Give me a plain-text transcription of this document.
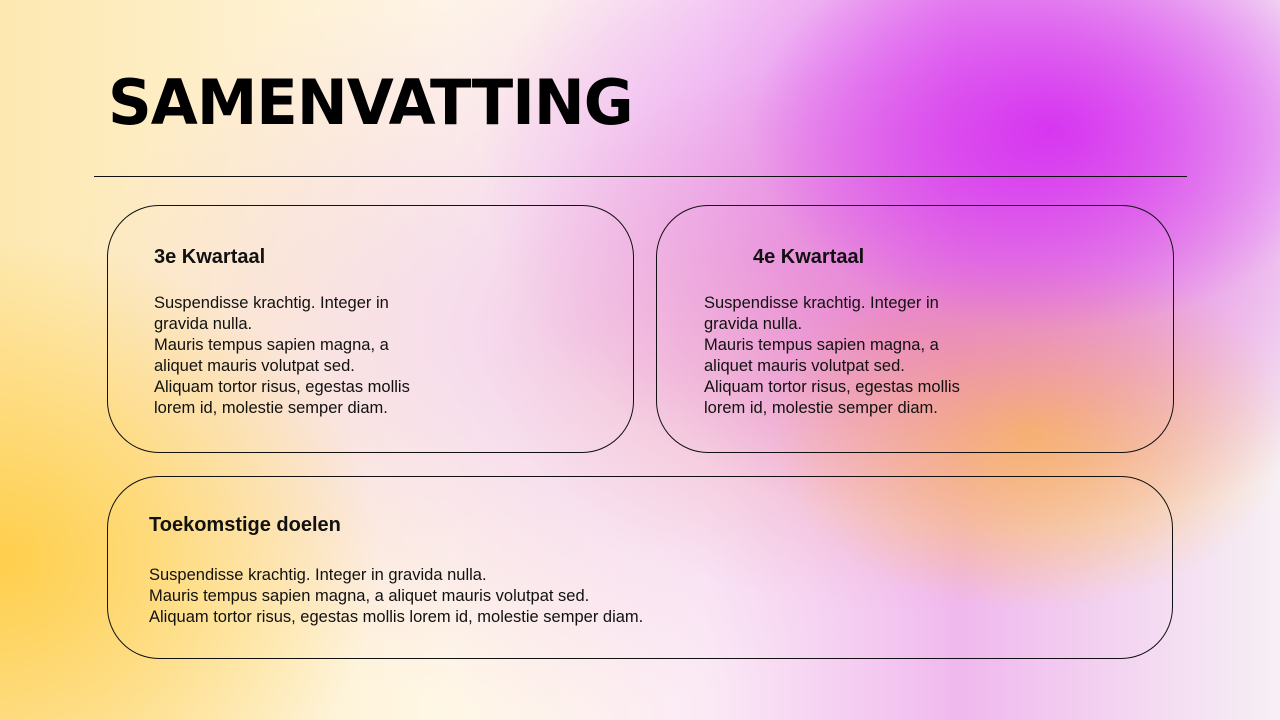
SAMENVATTING
3e Kwartaal

Suspendisse krachtig. Integer in
gravida nulla.
Mauris tempus sapien magna, a
aliquet mauris volutpat sed.
Aliquam tortor risus, egestas mollis
lorem id, molestie semper diam.

4e Kwartaal

Suspendisse krachtig. Integer in
gravida nulla.
Mauris tempus sapien magna, a
aliquet mauris volutpat sed.
Aliquam tortor risus, egestas mollis
lorem id, molestie semper diam.

Toekomstige doelen

Suspendisse krachtig. Integer in gravida nulla.
Mauris tempus sapien magna, a aliquet mauris volutpat sed.
Aliquam tortor risus, egestas mollis lorem id, molestie semper diam.
